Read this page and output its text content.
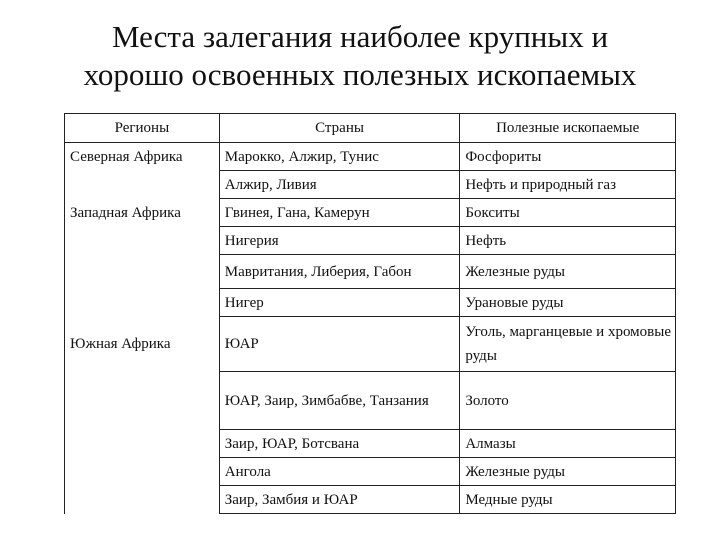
Места залегания наиболее крупных и
хорошо освоенных полезных ископаемых
Регионы	Страны	Полезные ископаемые
Северная Африка	Марокко, Алжир, Тунис	Фосфориты
	Алжир, Ливия	Нефть и природный газ
Западная Африка	Гвинея, Гана, Камерун	Бокситы
	Нигерия	Нефть
	Мавритания, Либерия, Габон	Железные руды
	Нигер	Урановые руды
Южная Африка	ЮАР	Уголь, марганцевые и хромовые руды
	ЮАР, Заир, Зимбабве, Танзания	Золото
	Заир, ЮАР, Ботсвана	Алмазы
	Ангола	Железные руды
	Заир, Замбия и ЮАР	Медные руды
